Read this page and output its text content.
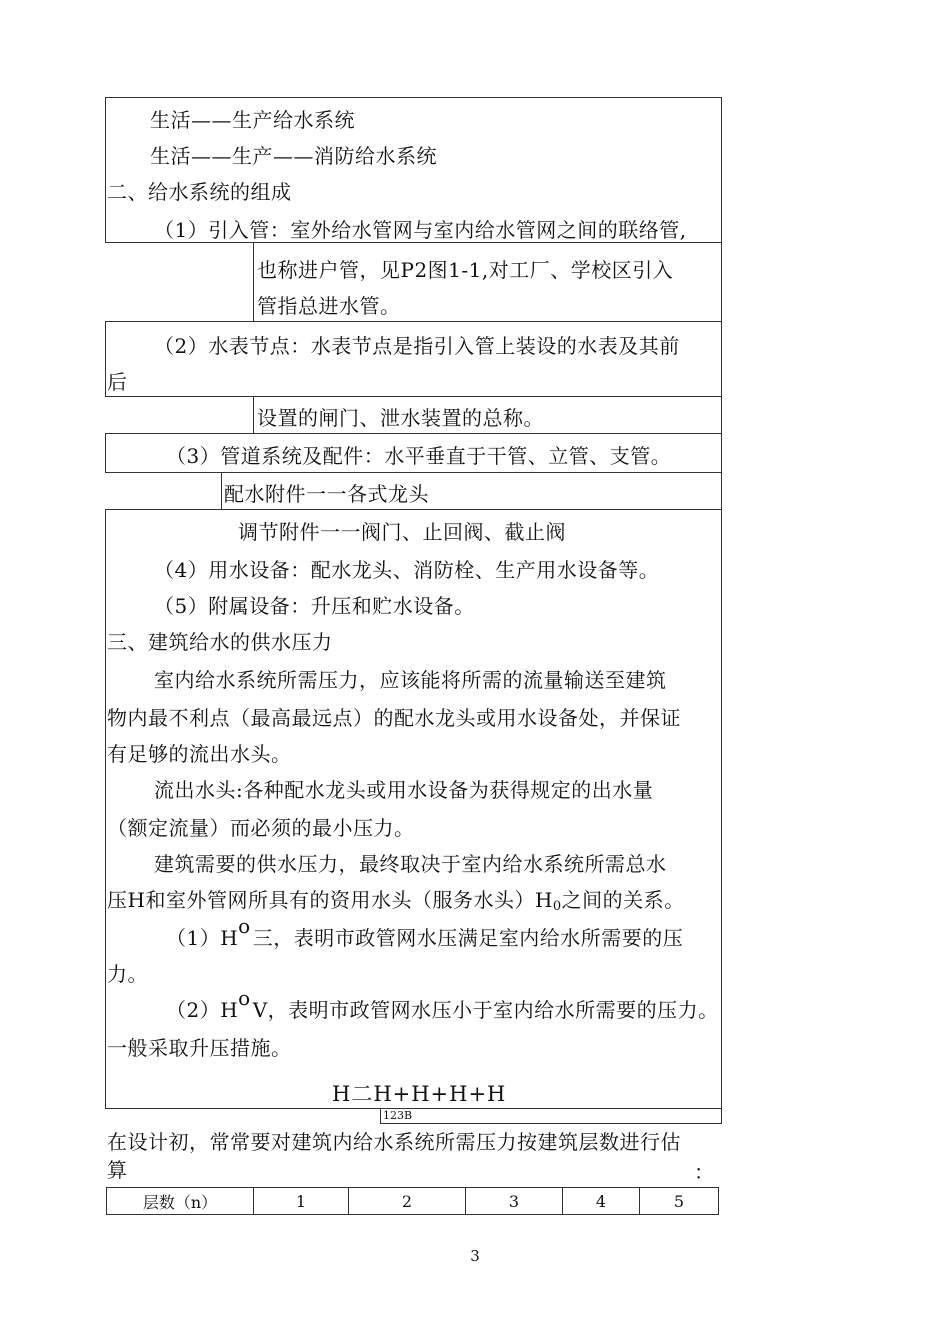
生活——生产给水系统
生活——生产——消防给水系统
二、给水系统的组成
（1）引入管：室外给水管网与室内给水管网之间的联络管,
也称进户管，见P2图1-1,对工厂、学校区引入
管指总进水管。
（2）水表节点：水表节点是指引入管上装设的水表及其前
后
设置的闸门、泄水装置的总称。
（3）管道系统及配件：水平垂直于干管、立管、支管。
配水附件一一各式龙头
调节附件一一阀门、止回阀、截止阀
（4）用水设备：配水龙头、消防栓、生产用水设备等。
（5）附属设备：升压和贮水设备。
三、建筑给水的供水压力
室内给水系统所需压力，应该能将所需的流量输送至建筑
物内最不利点（最高最远点）的配水龙头或用水设备处，并保证
有足够的流出水头。
流出水头:各种配水龙头或用水设备为获得规定的出水量
（额定流量）而必须的最小压力。
建筑需要的供水压力，最终取决于室内给水系统所需总水
压H和室外管网所具有的资用水头（服务水头）$H_0$之间的关系。
（1）Ho 三，表明市政管网水压满足室内给水所需要的压
力。
（2）Ho V，表明市政管网水压小于室内给水所需要的压力。
一般采取升压措施。
H二H+H+H+H
123B
在设计初，常常要对建筑内给水系统所需压力按建筑层数进行估
算	：
层数（n）	1	2	3	4	5
3
